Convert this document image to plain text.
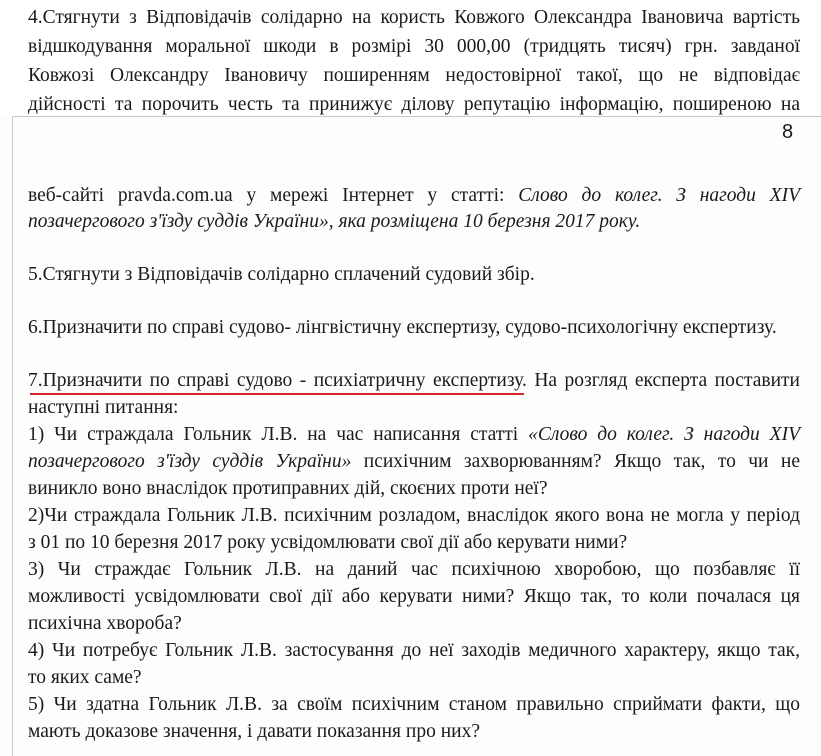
4.Стягнути з Відповідачів солідарно на користь Ковжого Олександра Івановича вартість
відшкодування моральної шкоди в розмірі 30 000,00 (тридцять тисяч) грн. завданої
Ковжозі Олександру Івановичу поширенням недостовірної такої, що не відповідає
дійсності та порочить честь та принижує ділову репутацію інформацію, поширеною на
8
веб-сайті pravda.com.ua у мережі Інтернет у статті: Слово до колег. З нагоди XIV
позачергового з'їзду суддів України», яка розміщена 10 березня 2017 року.
5.Стягнути з Відповідачів солідарно сплачений судовий збір.
6.Призначити по справі судово- лінгвістичну експертизу, судово-психологічну експертизу.
7.Призначити по справі судово - психіатричну експертизу. На розгляд експерта поставити
наступні питання:
1) Чи страждала Гольник Л.В. на час написання статті «Слово до колег. З нагоди XIV
позачергового з'їзду суддів України» психічним захворюванням? Якщо так, то чи не
виникло воно внаслідок протиправних дій, скоєних проти неї?
2)Чи страждала Гольник Л.В. психічним розладом, внаслідок якого вона не могла у період
з 01 по 10 березня 2017 року усвідомлювати свої дії або керувати ними?
3) Чи страждає Гольник Л.В. на даний час психічною хворобою, що позбавляє її
можливості усвідомлювати свої дії або керувати ними? Якщо так, то коли почалася ця
психічна хвороба?
4) Чи потребує Гольник Л.В. застосування до неї заходів медичного характеру, якщо так,
то яких саме?
5) Чи здатна Гольник Л.В. за своїм психічним станом правильно сприймати факти, що
мають доказове значення, і давати показання про них?
